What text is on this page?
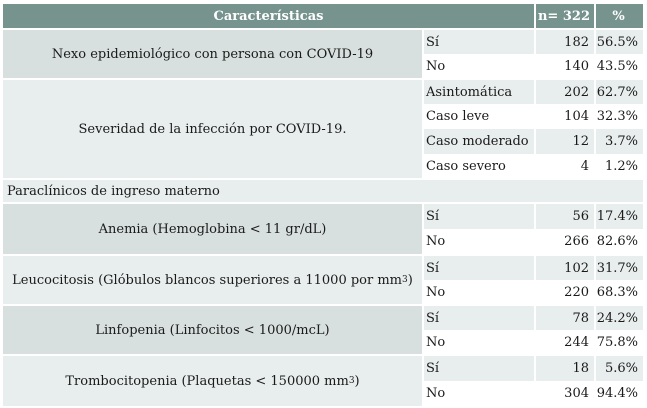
Características	n= 322	%
Nexo epidemiológico con persona con COVID-19
Sí	182 56.5%
No	140 43.5%
Severidad de la infección por COVID-19.
Asintomática	202 62.7%
Caso leve	104 32.3%
Caso moderado	12	3.7%
Caso severo	4	1.2%
Paraclínicos de ingreso materno
Anemia (Hemoglobina < 11 gr/dL)
Sí	56 17.4%
No	266 82.6%
Leucocitosis (Glóbulos blancos superiores a 11000 por mm 3 )
Sí	102 31.7%
No	220 68.3%
Linfopenia (Linfocitos < 1000/mcL)
Sí	78 24.2%
No	244 75.8%
Trombocitopenia (Plaquetas < 150000 mm 3 )
Sí	18	5.6%
No	304 94.4%
